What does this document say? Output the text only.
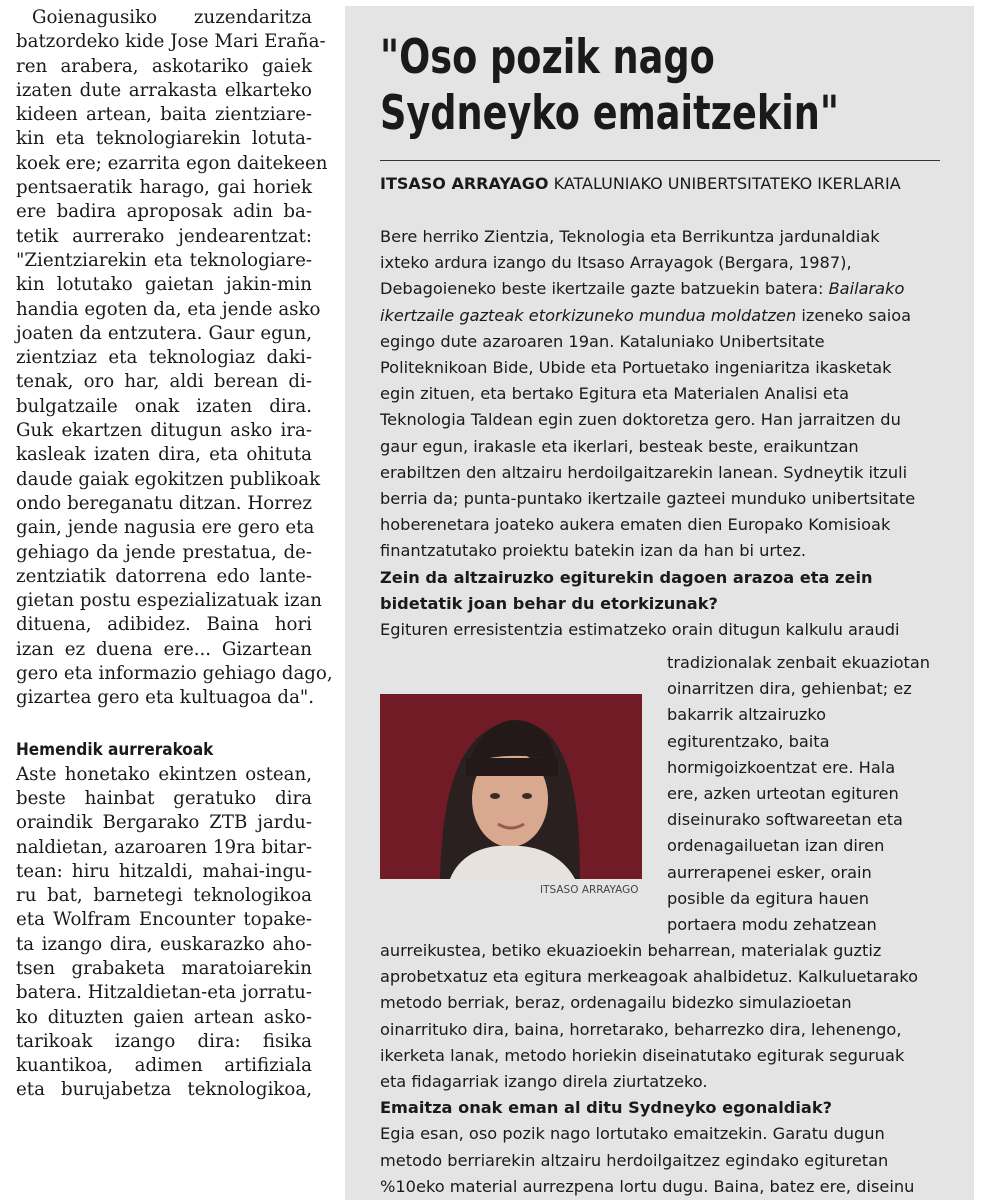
Goienagusiko zuzendaritza
batzordeko kide Jose Mari Eraña-
ren arabera, askotariko gaiek
izaten dute arrakasta elkarteko
kideen artean, baita zientziare-
kin eta teknologiarekin lotuta-
koek ere; ezarrita egon daitekeen
pentsaeratik harago, gai horiek
ere badira aproposak adin ba-
tetik aurrerako jendearentzat:
"Zientziarekin eta teknologiare-
kin lotutako gaietan jakin-min
handia egoten da, eta jende asko
joaten da entzutera. Gaur egun,
zientziaz eta teknologiaz daki-
tenak, oro har, aldi berean di-
bulgatzaile onak izaten dira.
Guk ekartzen ditugun asko ira-
kasleak izaten dira, eta ohituta
daude gaiak egokitzen publikoak
ondo bereganatu ditzan. Horrez
gain, jende nagusia ere gero eta
gehiago da jende prestatua, de-
zentziatik datorrena edo lante-
gietan postu espezializatuak izan
dituena, adibidez. Baina hori
izan ez duena ere... Gizartean
gero eta informazio gehiago dago,
gizartea gero eta kultuagoa da".
Hemendik aurrerakoak
Aste honetako ekintzen ostean,
beste hainbat geratuko dira
oraindik Bergarako ZTB jardu-
naldietan, azaroaren 19ra bitar-
tean: hiru hitzaldi, mahai-ingu-
ru bat, barnetegi teknologikoa
eta Wolfram Encounter topake-
ta izango dira, euskarazko aho-
tsen grabaketa maratoiarekin
batera. Hitzaldietan-eta jorratu-
ko dituzten gaien artean asko-
tarikoak izango dira: fisika
kuantikoa, adimen artifiziala
eta burujabetza teknologikoa,
"Oso pozik nago
Sydneyko emaitzekin"
ITSASO ARRAYAGO KATALUNIAKO UNIBERTSITATEKO IKERLARIA
Bere herriko Zientzia, Teknologia eta Berrikuntza jardunaldiak
ixteko ardura izango du Itsaso Arrayagok (Bergara, 1987),
Debagoieneko beste ikertzaile gazte batzuekin batera: Bailarako
ikertzaile gazteak etorkizuneko mundua moldatzen izeneko saioa
egingo dute azaroaren 19an. Kataluniako Unibertsitate
Politeknikoan Bide, Ubide eta Portuetako ingeniaritza ikasketak
egin zituen, eta bertako Egitura eta Materialen Analisi eta
Teknologia Taldean egin zuen doktoretza gero. Han jarraitzen du
gaur egun, irakasle eta ikerlari, besteak beste, eraikuntzan
erabiltzen den altzairu herdoilgaitzarekin lanean. Sydneytik itzuli
berria da; punta-puntako ikertzaile gazteei munduko unibertsitate
hoberenetara joateko aukera ematen dien Europako Komisioak
finantzatutako proiektu batekin izan da han bi urtez.
Zein da altzairuzko egiturekin dagoen arazoa eta zein
bidetatik joan behar du etorkizunak?
Egituren erresistentzia estimatzeko orain ditugun kalkulu araudi
tradizionalak zenbait ekuaziotan
oinarritzen dira, gehienbat; ez
bakarrik altzairuzko
egiturentzako, baita
hormigoizkoentzat ere. Hala
ere, azken urteotan egituren
diseinurako softwareetan eta
ordenagailuetan izan diren
aurrerapenei esker, orain
posible da egitura hauen
portaera modu zehatzean
ITSASO ARRAYAGO
aurreikustea, betiko ekuazioekin beharrean, materialak guztiz
aprobetxatuz eta egitura merkeagoak ahalbidetuz. Kalkuluetarako
metodo berriak, beraz, ordenagailu bidezko simulazioetan
oinarrituko dira, baina, horretarako, beharrezko dira, lehenengo,
ikerketa lanak, metodo horiekin diseinatutako egiturak seguruak
eta fidagarriak izango direla ziurtatzeko.
Emaitza onak eman al ditu Sydneyko egonaldiak?
Egia esan, oso pozik nago lortutako emaitzekin. Garatu dugun
metodo berriarekin altzairu herdoilgaitzez egindako egituretan
%10eko material aurrezpena lortu dugu. Baina, batez ere, diseinu
